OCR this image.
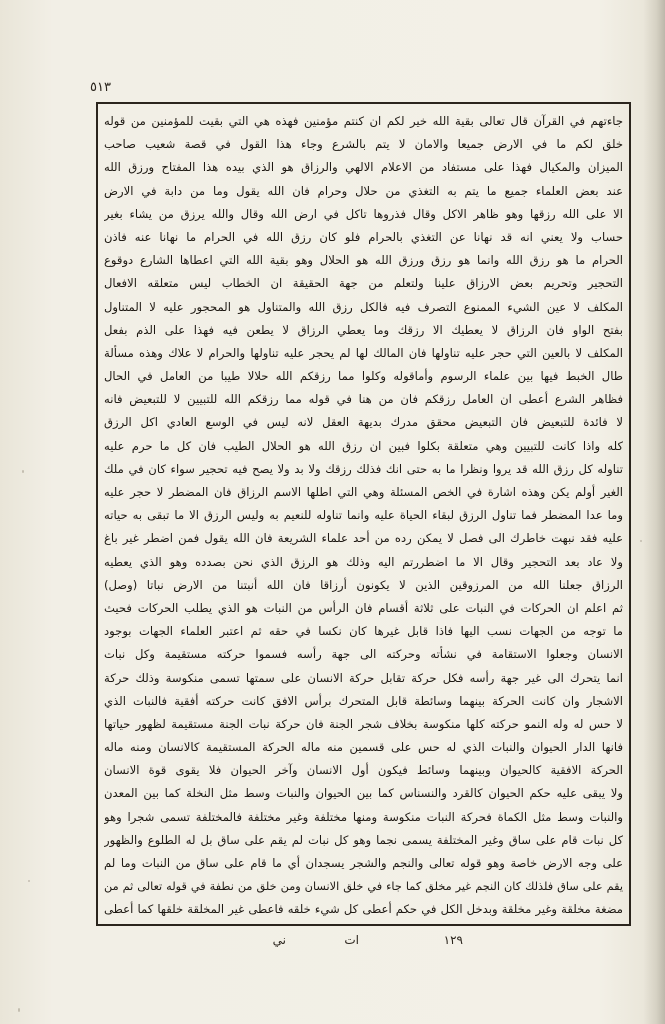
٥١٣
جاءتهم في القرآن قال تعالى بقية الله خير لكم ان كنتم مؤمنين فهذه هي التي بقيت للمؤمنين من قوله
خلق لكم ما في الارض جميعا والامان لا يتم بالشرع وجاء هذا القول في قصة شعيب صاحب
الميزان والمكيال فهذا على مستفاد من الاعلام الالهي والرزاق هو الذي بيده هذا المفتاح ورزق الله
عند بعض العلماء جميع ما يتم به التغذي من حلال وحرام فان الله يقول وما من دابة في الارض
الا على الله رزقها وهو ظاهر الاكل وقال فذروها تاكل في ارض الله وقال والله يرزق من يشاء بغير
حساب ولا يعني انه قد نهانا عن التغذي بالحرام فلو كان رزق الله في الحرام ما نهانا عنه فاذن
الحرام ما هو رزق الله وانما هو رزق ورزق الله هو الحلال وهو بقية الله التي اعطاها الشارع دوقوع
التحجير وتحريم بعض الارزاق علينا ولتعلم من جهة الحقيقة ان الخطاب ليس متعلقه الافعال
المكلف لا عين الشيء الممنوع التصرف فيه فالكل رزق الله والمتناول هو المحجور عليه لا المتناول
بفتح الواو فان الرزاق لا يعطيك الا رزقك وما يعطي الرزاق لا يطعن فيه فهذا على الذم بفعل
المكلف لا بالعين التي حجر عليه تناولها فان المالك لها لم يحجر عليه تناولها والحرام لا علاك وهذه مسألة
طال الخبط فيها بين علماء الرسوم وأماقوله وكلوا مما رزقكم الله حلالا طيبا من العامل في الحال
فظاهر الشرع أعطى ان العامل رزقكم فان من هنا في قوله مما رزقكم الله للتبيين لا للتبعيض فانه
لا فائدة للتبعيض فان التبعيض محقق مدرك بديهة العقل لانه ليس في الوسع العادي اكل الرزق
كله واذا كانت للتبيين وهي متعلقة بكلوا فبين ان رزق الله هو الحلال الطيب فان كل ما حرم عليه
تناوله كل رزق الله قد يروا ونظرا ما به حتى انك فذلك رزقك ولا بد ولا يصح فيه تحجير سواء كان في ملك
الغير أولم يكن وهذه اشارة في الخص المسئلة وهي التي اطلها الاسم الرزاق فان المضطر لا حجر عليه
وما عدا المضطر فما تناول الرزق لبقاء الحياة عليه وانما تناوله للنعيم به وليس الرزق الا ما تبقى به حياته
عليه فقد نبهت خاطرك الى فصل لا يمكن رده من أحد علماء الشريعة فان الله يقول فمن اضطر غير باغ
ولا عاد بعد التحجير وقال الا ما اضطررتم اليه وذلك هو الرزق الذي نحن بصدده وهو الذي يعطيه
الرزاق جعلنا الله من المرزوقين الذين لا يكونون أرزاقا فان الله أنبتنا من الارض نباتا (وصل)
ثم اعلم ان الحركات في النبات على ثلاثة أقسام فان الرأس من النبات هو الذي يطلب الحركات فحيث
ما توجه من الجهات نسب اليها فاذا قابل غيرها كان نكسا في حقه ثم اعتبر العلماء الجهات بوجود
الانسان وجعلوا الاستقامة في نشأته وحركته الى جهة رأسه فسموا حركته مستقيمة وكل نبات
انما يتحرك الى غير جهة رأسه فكل حركة تقابل حركة الانسان على سمتها تسمى منكوسة وذلك حركة
الاشجار وان كانت الحركة بينهما وسائطة قابل المتحرك برأس الافق كانت حركته أفقية فالنبات الذي
لا حس له وله النمو حركته كلها منكوسة بخلاف شجر الجنة فان حركة نبات الجنة مستقيمة لظهور حياتها
فانها الدار الحيوان والنبات الذي له حس على قسمين منه ماله الحركة المستقيمة كالانسان ومنه ماله
الحركة الافقية كالحيوان وبينهما وسائط فيكون أول الانسان وآخر الحيوان فلا يقوى قوة الانسان
ولا يبقى عليه حكم الحيوان كالقرد والنسناس كما بين الحيوان والنبات وسط مثل النخلة كما بين المعدن
والنبات وسط مثل الكماة فحركة النبات منكوسة ومنها مختلفة وغير مختلفة فالمختلفة تسمى شجرا وهو
كل نبات قام على ساق وغير المختلفة يسمى نجما وهو كل نبات لم يقم على ساق بل له الطلوع والظهور
على وجه الارض خاصة وهو قوله تعالى والنجم والشجر يسجدان أي ما قام على ساق من النبات وما لم
يقم على ساق فلذلك كان النجم غير مخلق كما جاء في خلق الانسان ومن خلق من نطفة في قوله تعالى ثم من
مضغة مخلقة وغير مخلقة وبدخل الكل في حكم أعطى كل شيء خلقه فاعطى غير المخلقة خلقها كما أعطى
١٢٩
ات
ني
